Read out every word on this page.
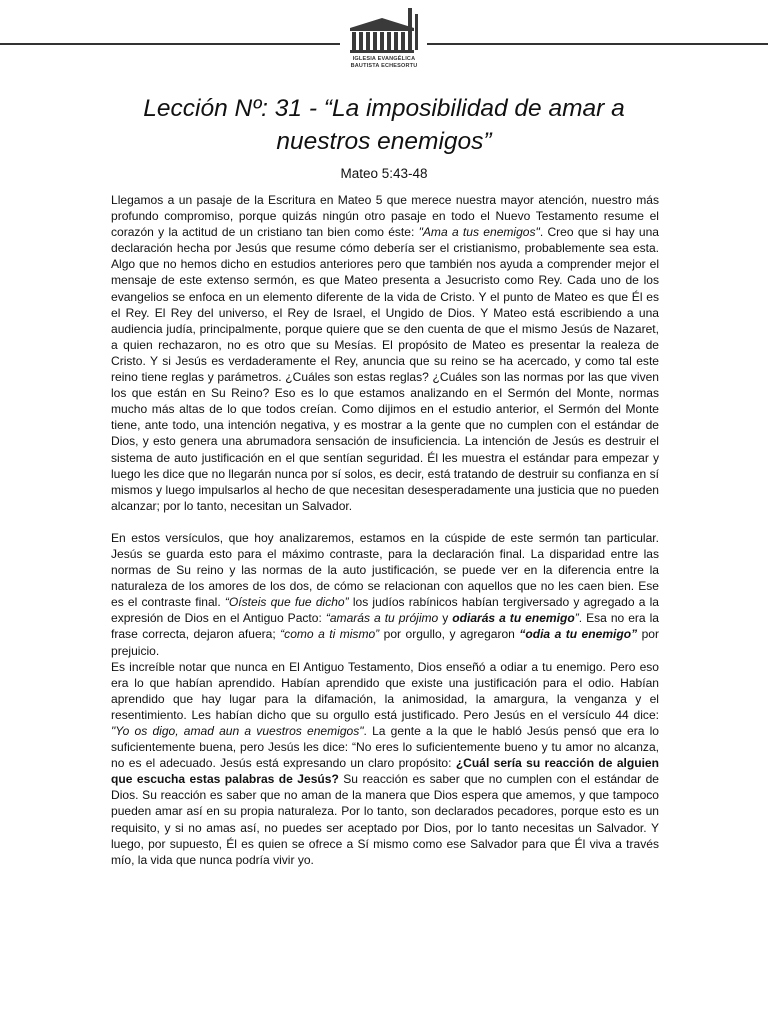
IGLESIA EVANGÉLICA
BAUTISTA ECHESORTU
Lección Nº: 31 - “La imposibilidad de amar a
nuestros enemigos”
Mateo 5:43-48

Llegamos a un pasaje de la Escritura en Mateo 5 que merece nuestra mayor atención, nuestro más profundo compromiso, porque quizás ningún otro pasaje en todo el Nuevo Testamento resume el corazón y la actitud de un cristiano tan bien como éste: "Ama a tus enemigos". Creo que si hay una declaración hecha por Jesús que resume cómo debería ser el cristianismo, probablemente sea esta. Algo que no hemos dicho en estudios anteriores pero que también nos ayuda a comprender mejor el mensaje de este extenso sermón, es que Mateo presenta a Jesucristo como Rey. Cada uno de los evangelios se enfoca en un elemento diferente de la vida de Cristo. Y el punto de Mateo es que Él es el Rey. El Rey del universo, el Rey de Israel, el Ungido de Dios. Y Mateo está escribiendo a una audiencia judía, principalmente, porque quiere que se den cuenta de que el mismo Jesús de Nazaret, a quien rechazaron, no es otro que su Mesías. El propósito de Mateo es presentar la realeza de Cristo. Y si Jesús es verdaderamente el Rey, anuncia que su reino se ha acercado, y como tal este reino tiene reglas y parámetros. ¿Cuáles son estas reglas? ¿Cuáles son las normas por las que viven los que están en Su Reino? Eso es lo que estamos analizando en el Sermón del Monte, normas mucho más altas de lo que todos creían. Como dijimos en el estudio anterior, el Sermón del Monte tiene, ante todo, una intención negativa, y es mostrar a la gente que no cumplen con el estándar de Dios, y esto genera una abrumadora sensación de insuficiencia. La intención de Jesús es destruir el sistema de auto justificación en el que sentían seguridad. Él les muestra el estándar para empezar y luego les dice que no llegarán nunca por sí solos, es decir, está tratando de destruir su confianza en sí mismos y luego impulsarlos al hecho de que necesitan desesperadamente una justicia que no pueden alcanzar; por lo tanto, necesitan un Salvador.

En estos versículos, que hoy analizaremos, estamos en la cúspide de este sermón tan particular. Jesús se guarda esto para el máximo contraste, para la declaración final. La disparidad entre las normas de Su reino y las normas de la auto justificación, se puede ver en la diferencia entre la naturaleza de los amores de los dos, de cómo se relacionan con aquellos que no les caen bien. Ese es el contraste final. “Oísteis que fue dicho” los judíos rabínicos habían tergiversado y agregado a la expresión de Dios en el Antiguo Pacto: “amarás a tu prójimo y odiarás a tu enemigo”. Esa no era la frase correcta, dejaron afuera; “como a ti mismo” por orgullo, y agregaron “odia a tu enemigo” por prejuicio.

Es increíble notar que nunca en El Antiguo Testamento, Dios enseñó a odiar a tu enemigo. Pero eso era lo que habían aprendido. Habían aprendido que existe una justificación para el odio. Habían aprendido que hay lugar para la difamación, la animosidad, la amargura, la venganza y el resentimiento. Les habían dicho que su orgullo está justificado. Pero Jesús en el versículo 44 dice: "Yo os digo, amad aun a vuestros enemigos". La gente a la que le habló Jesús pensó que era lo suficientemente buena, pero Jesús les dice: “No eres lo suficientemente bueno y tu amor no alcanza, no es el adecuado. Jesús está expresando un claro propósito: ¿Cuál sería su reacción de alguien que escucha estas palabras de Jesús? Su reacción es saber que no cumplen con el estándar de Dios. Su reacción es saber que no aman de la manera que Dios espera que amemos, y que tampoco pueden amar así en su propia naturaleza. Por lo tanto, son declarados pecadores, porque esto es un requisito, y si no amas así, no puedes ser aceptado por Dios, por lo tanto necesitas un Salvador. Y luego, por supuesto, Él es quien se ofrece a Sí mismo como ese Salvador para que Él viva a través mío, la vida que nunca podría vivir yo.
